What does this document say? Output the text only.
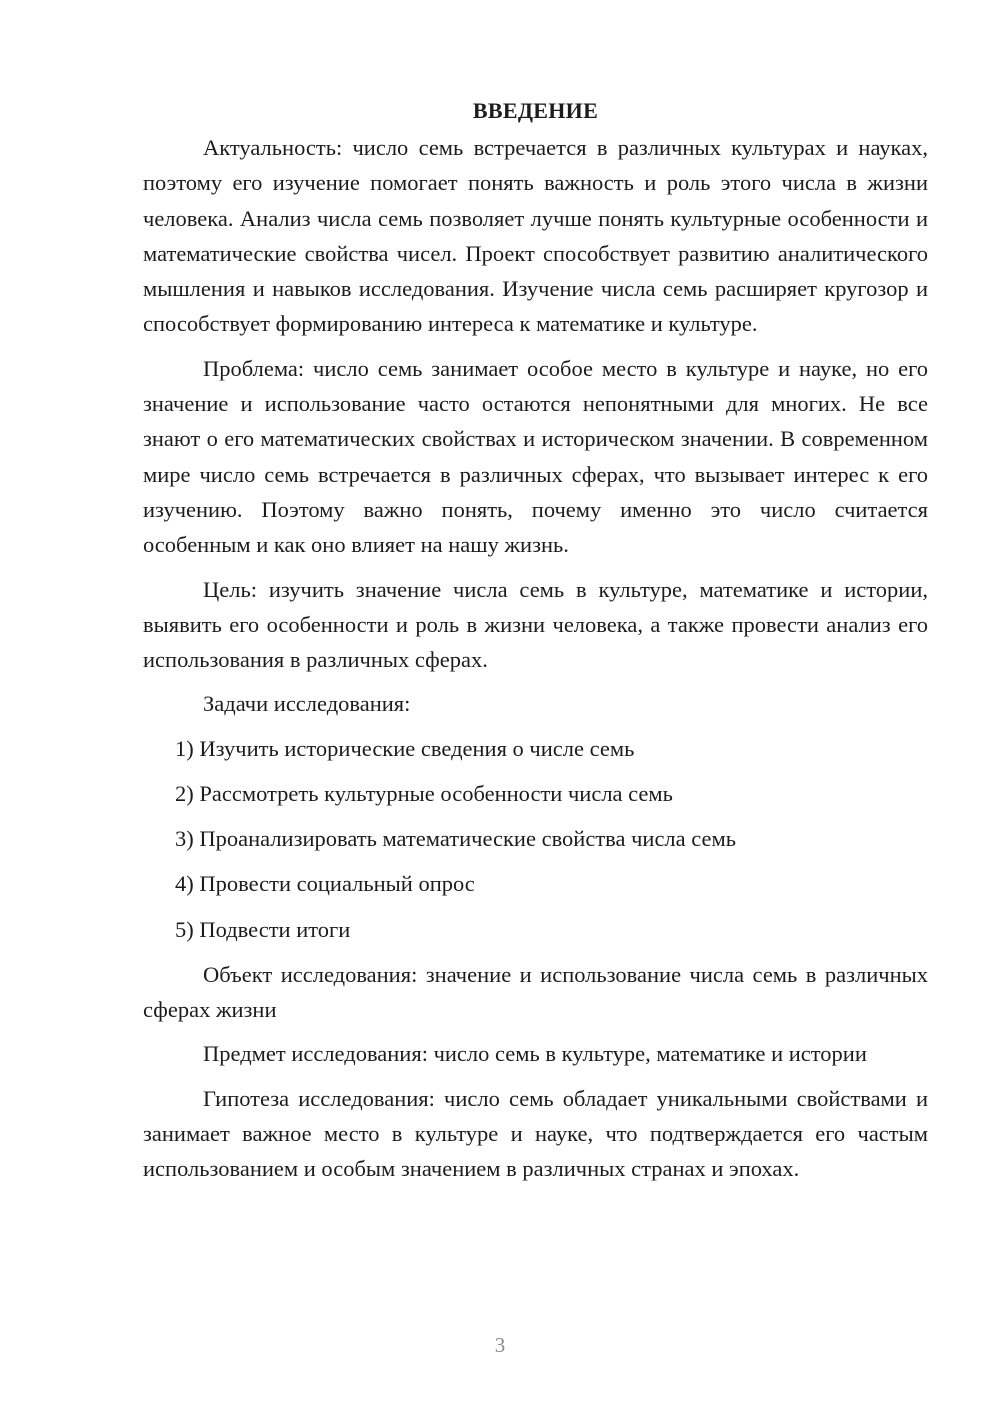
ВВЕДЕНИЕ

Актуальность: число семь встречается в различных культурах и науках, поэтому его изучение помогает понять важность и роль этого числа в жизни человека. Анализ числа семь позволяет лучше понять культурные особенности и математические свойства чисел. Проект способствует развитию аналитического мышления и навыков исследования. Изучение числа семь расширяет кругозор и способствует формированию интереса к математике и культуре.

Проблема: число семь занимает особое место в культуре и науке, но его значение и использование часто остаются непонятными для многих. Не все знают о его математических свойствах и историческом значении. В современном мире число семь встречается в различных сферах, что вызывает интерес к его изучению. Поэтому важно понять, почему именно это число считается особенным и как оно влияет на нашу жизнь.

Цель: изучить значение числа семь в культуре, математике и истории, выявить его особенности и роль в жизни человека, а также провести анализ его использования в различных сферах.

Задачи исследования:

1) Изучить исторические сведения о числе семь
2) Рассмотреть культурные особенности числа семь
3) Проанализировать математические свойства числа семь
4) Провести социальный опрос
5) Подвести итоги

Объект исследования: значение и использование числа семь в различных сферах жизни

Предмет исследования: число семь в культуре, математике и истории

Гипотеза исследования: число семь обладает уникальными свойствами и занимает важное место в культуре и науке, что подтверждается его частым использованием и особым значением в различных странах и эпохах.

3
